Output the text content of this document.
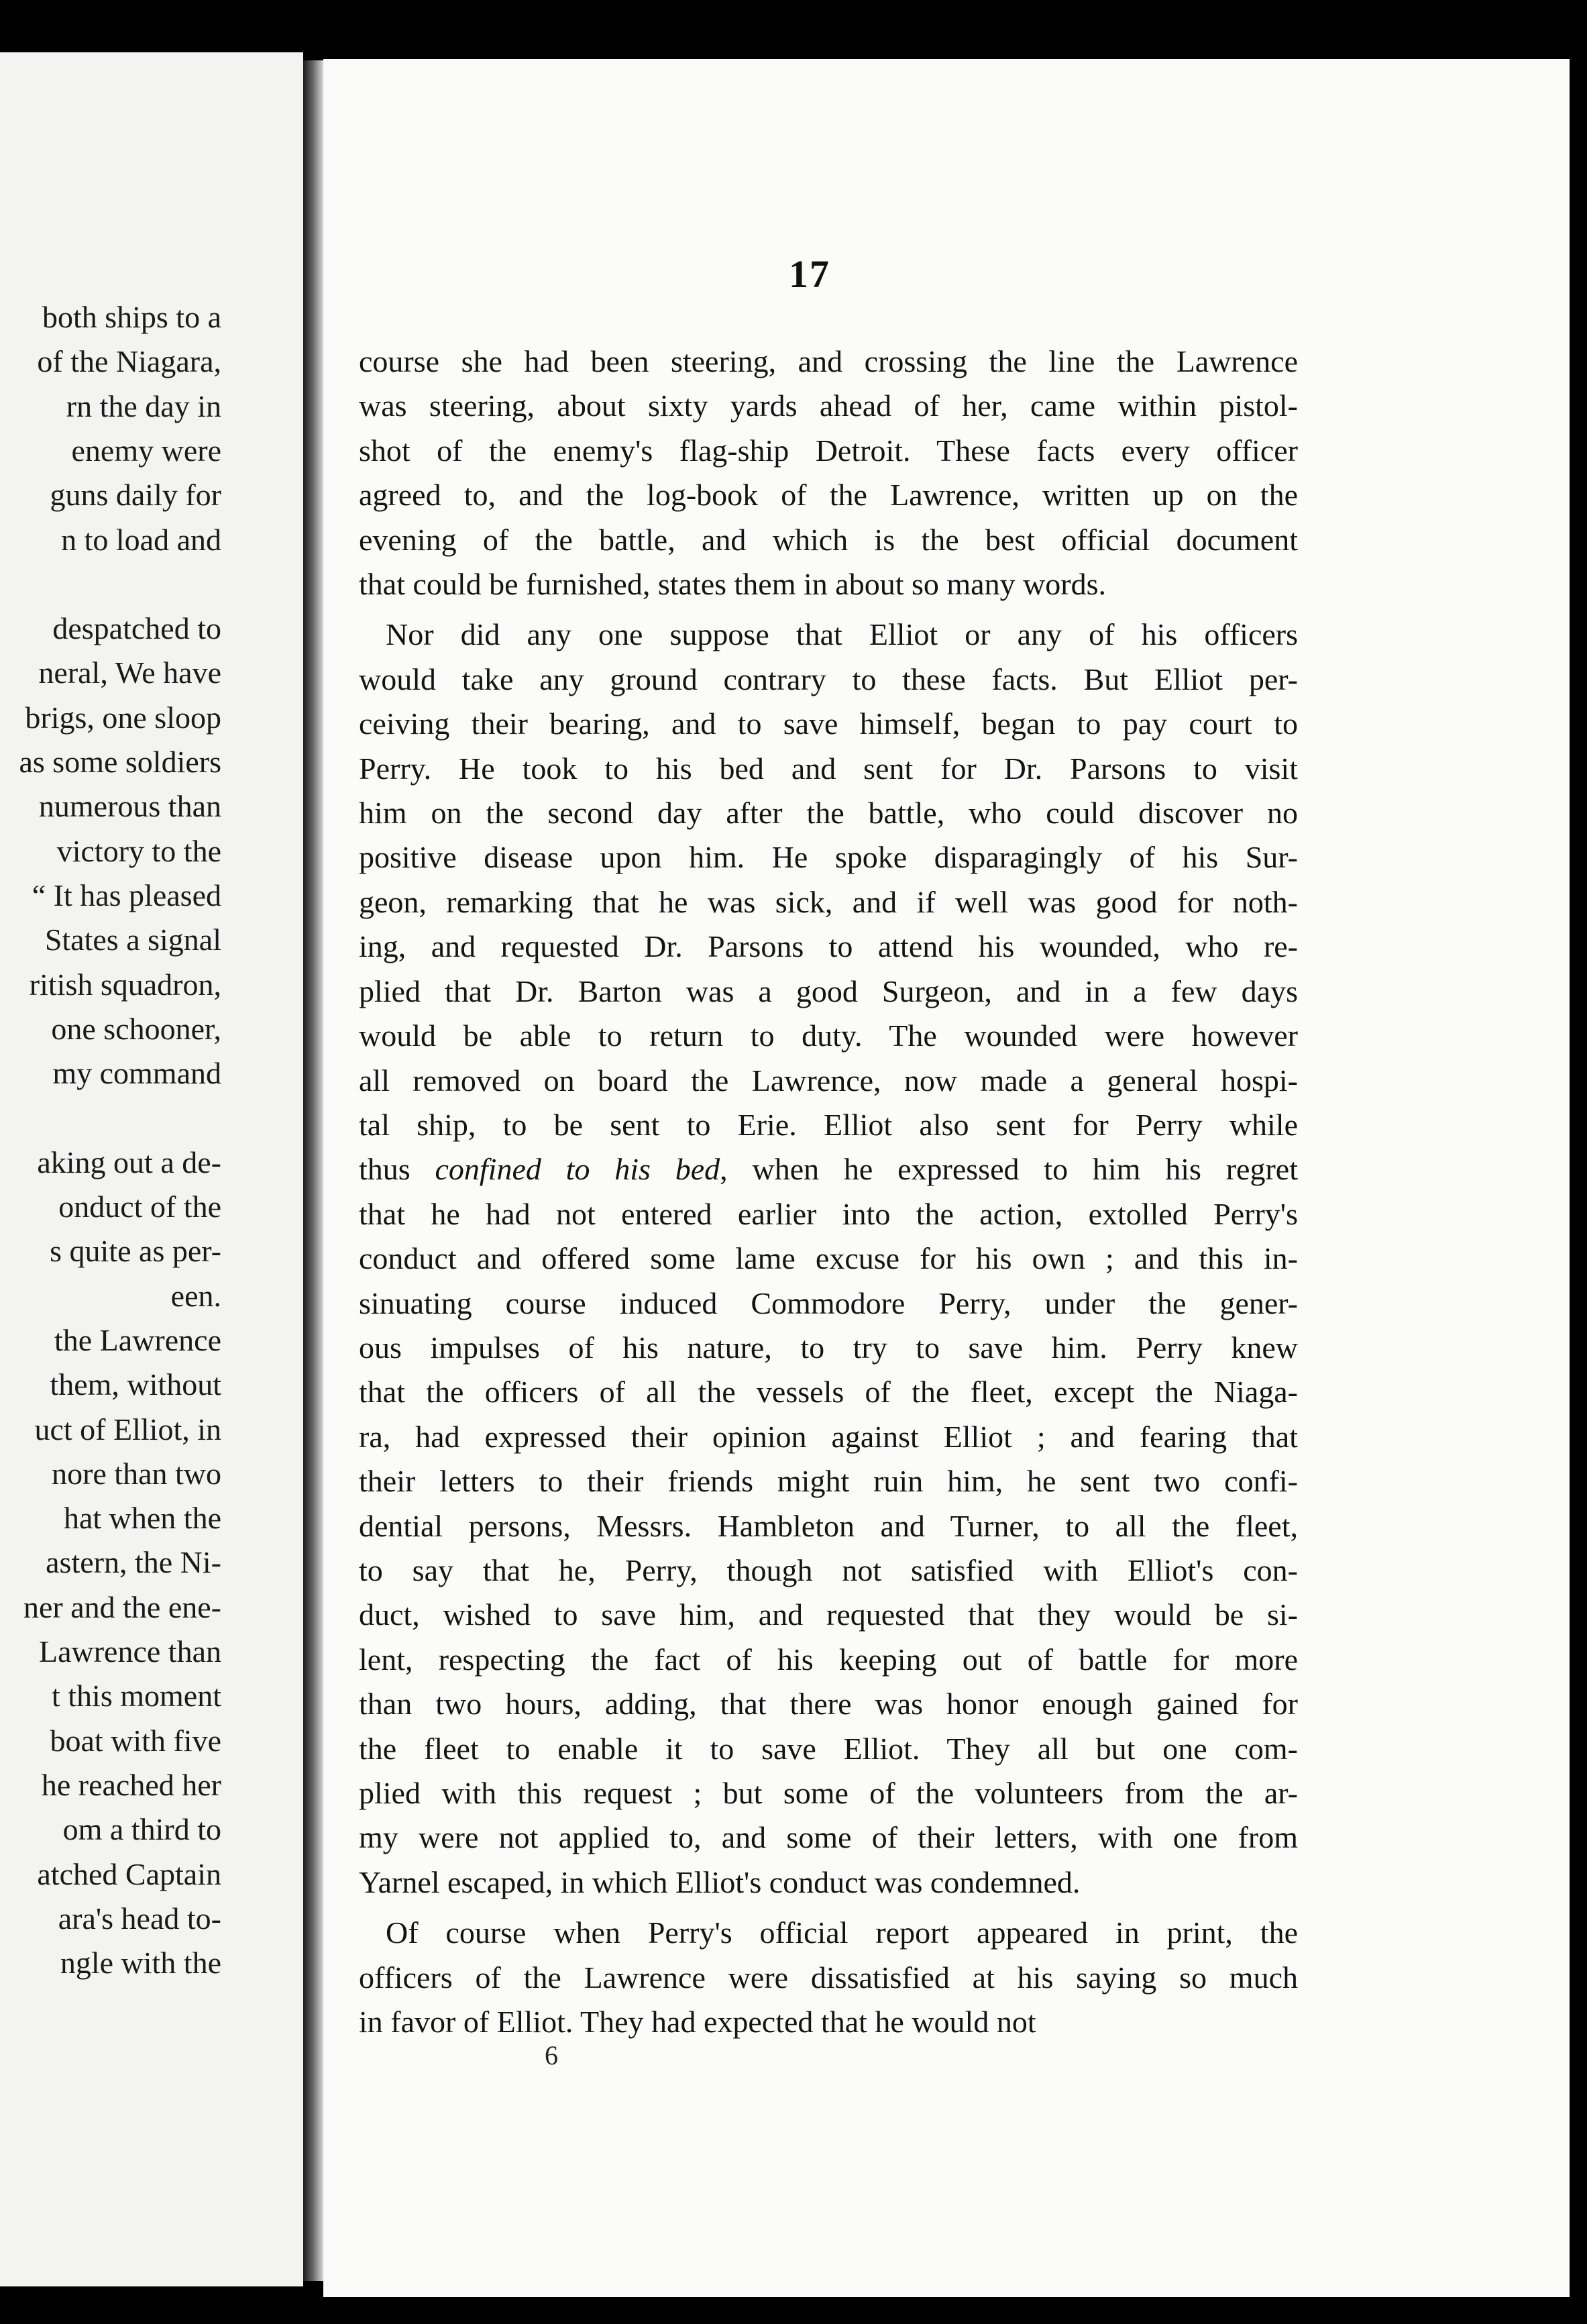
both ships to a
of the Niagara,
rn the day in
enemy were
guns daily for
n to load and
despatched to
neral, We have
brigs, one sloop
as some soldiers
numerous than
victory to the
“ It has pleased
States a signal
ritish squadron,
one schooner,
my command
aking out a de-
onduct of the
s quite as per-
een.
the Lawrence
them, without
uct of Elliot, in
nore than two
hat when the
astern, the Ni-
ner and the ene-
Lawrence than
t this moment
boat with five
he reached her
om a third to
atched Captain
ara's head to-
ngle with the
17
course she had been steering, and crossing the line the Lawrence
was steering, about sixty yards ahead of her, came within pistol-
shot of the enemy's flag-ship Detroit. These facts every officer
agreed to, and the log-book of the Lawrence, written up on the
evening of the battle, and which is the best official document
that could be furnished, states them in about so many words.
Nor did any one suppose that Elliot or any of his officers
would take any ground contrary to these facts. But Elliot per-
ceiving their bearing, and to save himself, began to pay court to
Perry. He took to his bed and sent for Dr. Parsons to visit
him on the second day after the battle, who could discover no
positive disease upon him. He spoke disparagingly of his Sur-
geon, remarking that he was sick, and if well was good for noth-
ing, and requested Dr. Parsons to attend his wounded, who re-
plied that Dr. Barton was a good Surgeon, and in a few days
would be able to return to duty. The wounded were however
all removed on board the Lawrence, now made a general hospi-
tal ship, to be sent to Erie. Elliot also sent for Perry while
thus confined to his bed, when he expressed to him his regret
that he had not entered earlier into the action, extolled Perry's
conduct and offered some lame excuse for his own ; and this in-
sinuating course induced Commodore Perry, under the gener-
ous impulses of his nature, to try to save him. Perry knew
that the officers of all the vessels of the fleet, except the Niaga-
ra, had expressed their opinion against Elliot ; and fearing that
their letters to their friends might ruin him, he sent two confi-
dential persons, Messrs. Hambleton and Turner, to all the fleet,
to say that he, Perry, though not satisfied with Elliot's con-
duct, wished to save him, and requested that they would be si-
lent, respecting the fact of his keeping out of battle for more
than two hours, adding, that there was honor enough gained for
the fleet to enable it to save Elliot. They all but one com-
plied with this request ; but some of the volunteers from the ar-
my were not applied to, and some of their letters, with one from
Yarnel escaped, in which Elliot's conduct was condemned.
Of course when Perry's official report appeared in print, the
officers of the Lawrence were dissatisfied at his saying so much
in favor of Elliot. They had expected that he would not
6
